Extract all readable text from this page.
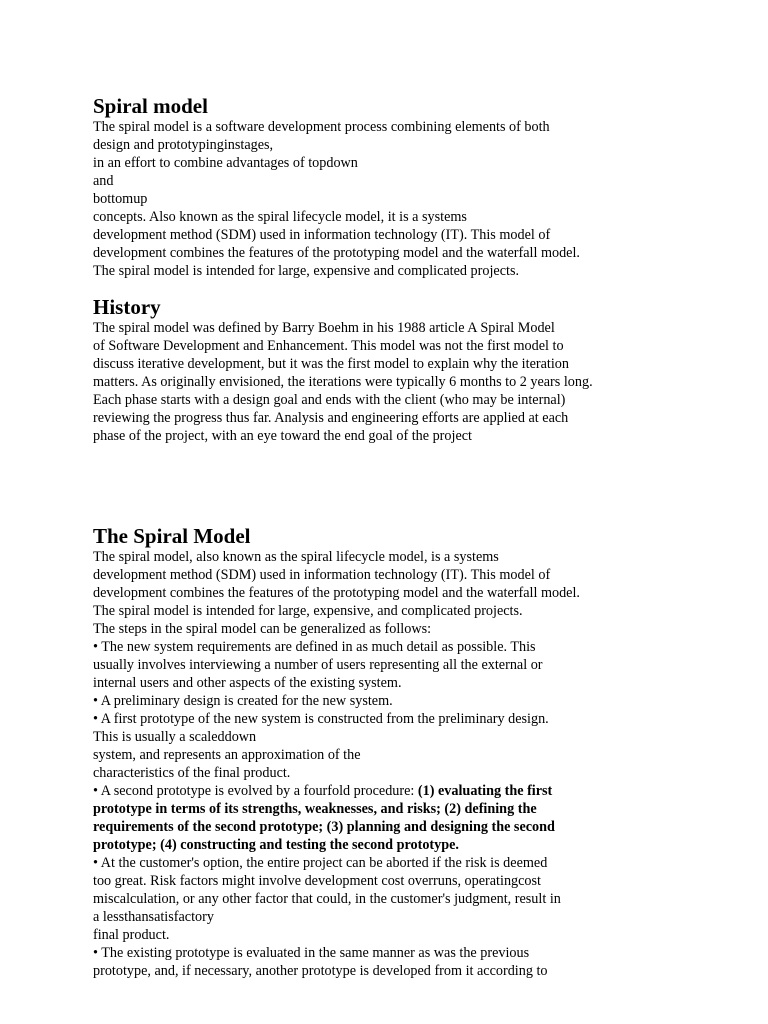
Spiral model
The spiral model is a software development process combining elements of both
design and prototypinginstages,
in an effort to combine advantages of topdown
and
bottomup
concepts. Also known as the spiral lifecycle model, it is a systems
development method (SDM) used in information technology (IT). This model of
development combines the features of the prototyping model and the waterfall model.
The spiral model is intended for large, expensive and complicated projects.
History
The spiral model was defined by Barry Boehm in his 1988 article A Spiral Model
of Software Development and Enhancement. This model was not the first model to
discuss iterative development, but it was the first model to explain why the iteration
matters. As originally envisioned, the iterations were typically 6 months to 2 years long.
Each phase starts with a design goal and ends with the client (who may be internal)
reviewing the progress thus far. Analysis and engineering efforts are applied at each
phase of the project, with an eye toward the end goal of the project
The Spiral Model
The spiral model, also known as the spiral lifecycle model, is a systems
development method (SDM) used in information technology (IT). This model of
development combines the features of the prototyping model and the waterfall model.
The spiral model is intended for large, expensive, and complicated projects.
The steps in the spiral model can be generalized as follows:
• The new system requirements are defined in as much detail as possible. This
usually involves interviewing a number of users representing all the external or
internal users and other aspects of the existing system.
• A preliminary design is created for the new system.
• A first prototype of the new system is constructed from the preliminary design.
This is usually a scaleddown
system, and represents an approximation of the
characteristics of the final product.
• A second prototype is evolved by a fourfold procedure: (1) evaluating the first
prototype in terms of its strengths, weaknesses, and risks; (2) defining the
requirements of the second prototype; (3) planning and designing the second
prototype; (4) constructing and testing the second prototype.
• At the customer's option, the entire project can be aborted if the risk is deemed
too great. Risk factors might involve development cost overruns, operatingcost
miscalculation, or any other factor that could, in the customer's judgment, result in
a lessthansatisfactory
final product.
• The existing prototype is evaluated in the same manner as was the previous
prototype, and, if necessary, another prototype is developed from it according to
